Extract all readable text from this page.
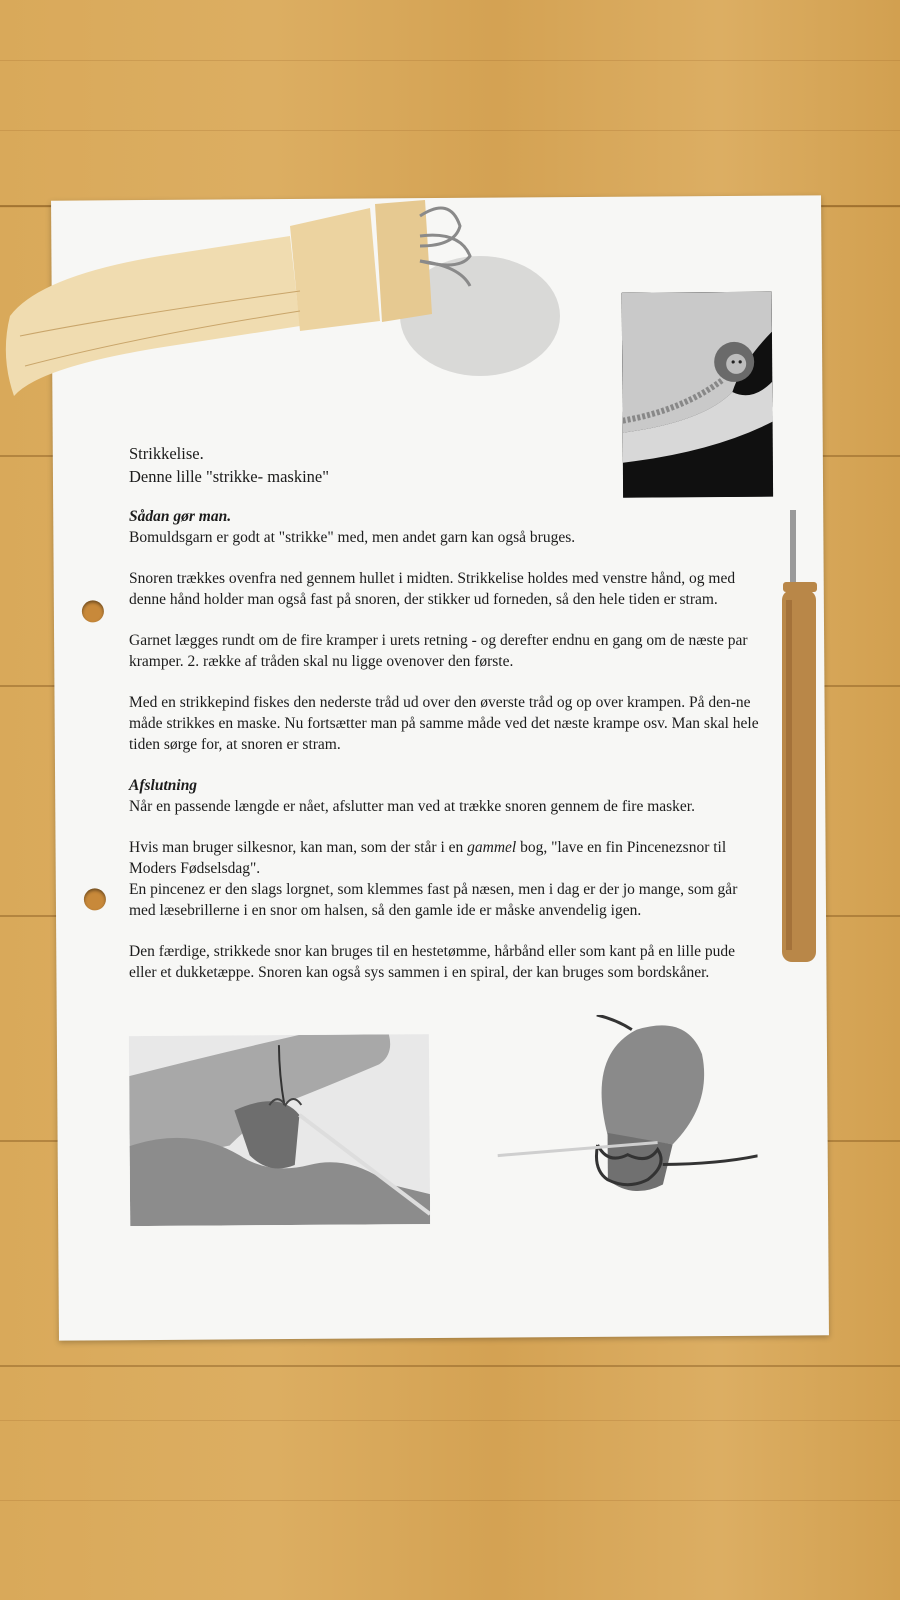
Strikkelise.
Denne lille "strikke- maskine"

Sådan gør man.

Bomuldsgarn er godt at "strikke" med, men andet garn kan også bruges.

Snoren trækkes ovenfra ned gennem hullet i midten. Strikkelise holdes med venstre hånd, og med denne hånd holder man også fast på snoren, der stikker ud forneden, så den hele tiden er stram.

Garnet lægges rundt om de fire kramper i urets retning - og derefter endnu en gang om de næste par kramper. 2. række af tråden skal nu ligge ovenover den første.

Med en strikkepind fiskes den nederste tråd ud over den øverste tråd og op over krampen. På den-ne måde strikkes en maske. Nu fortsætter man på samme måde ved det næste krampe osv. Man skal hele tiden sørge for, at snoren er stram.

Afslutning

Når en passende længde er nået, afslutter man ved at trække snoren gennem de fire masker.

Hvis man bruger silkesnor, kan man, som der står i en gammel bog, "lave en fin Pincenezsnor til Moders Fødselsdag".
En pincenez er den slags lorgnet, som klemmes fast på næsen, men i dag er der jo mange, som går med læsebrillerne i en snor om halsen, så den gamle ide er måske anvendelig igen.

Den færdige, strikkede snor kan bruges til en hestetømme, hårbånd eller som kant på en lille pude eller et dukketæppe. Snoren kan også sys sammen i en spiral, der kan bruges som bordskåner.
